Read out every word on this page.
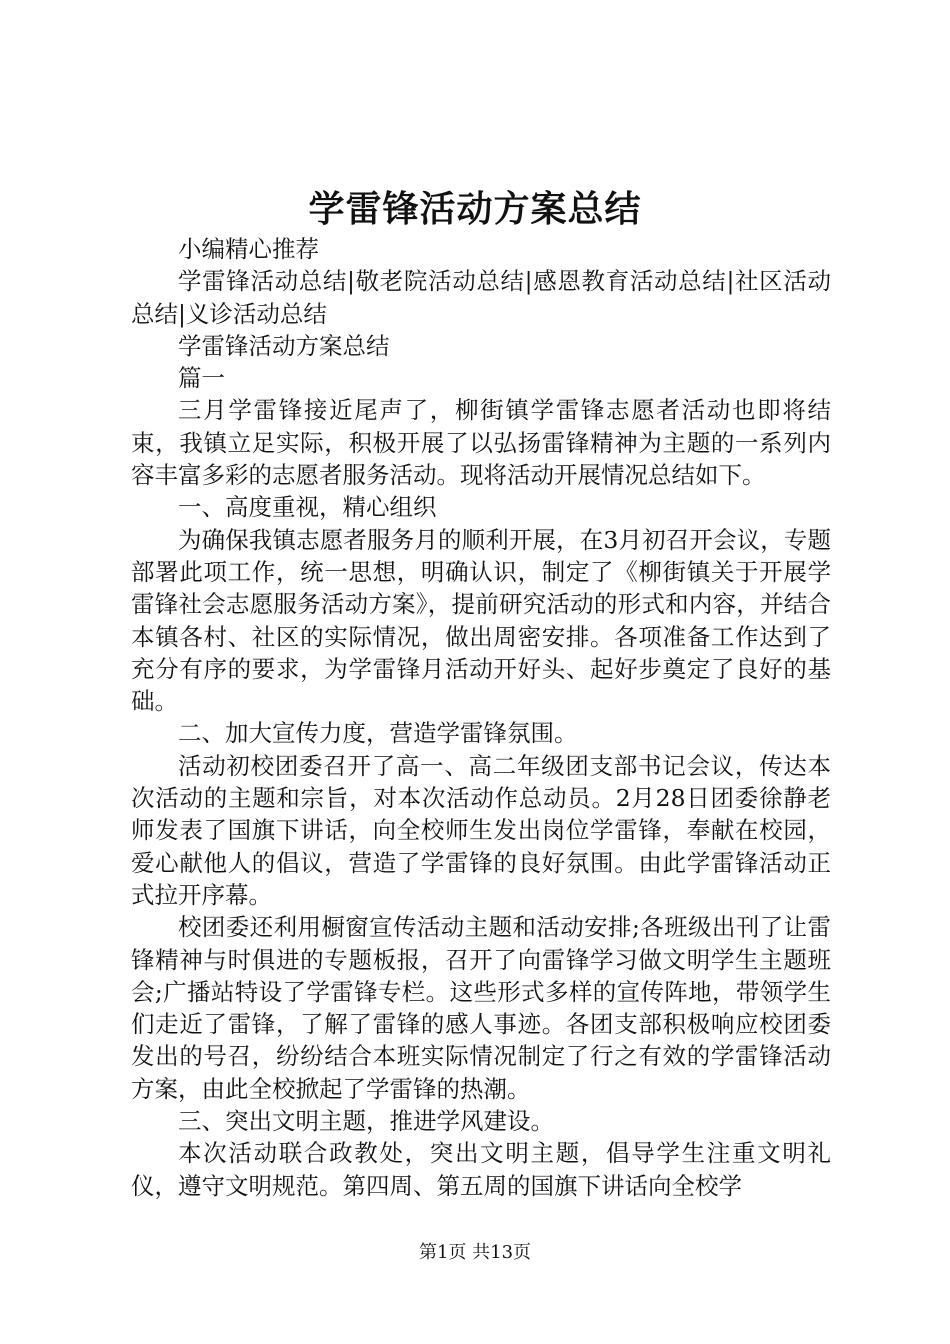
学雷锋活动方案总结

小编精心推荐

学雷锋活动总结|敬老院活动总结|感恩教育活动总结|社区活动总结|义诊活动总结

学雷锋活动方案总结

篇一

三月学雷锋接近尾声了，柳街镇学雷锋志愿者活动也即将结束，我镇立足实际，积极开展了以弘扬雷锋精神为主题的一系列内容丰富多彩的志愿者服务活动。现将活动开展情况总结如下。

一、高度重视，精心组织

为确保我镇志愿者服务月的顺利开展，在3月初召开会议，专题部署此项工作，统一思想，明确认识，制定了《柳街镇关于开展学雷锋社会志愿服务活动方案》，提前研究活动的形式和内容，并结合本镇各村、社区的实际情况，做出周密安排。各项准备工作达到了充分有序的要求，为学雷锋月活动开好头、起好步奠定了良好的基础。

二、加大宣传力度，营造学雷锋氛围。

活动初校团委召开了高一、高二年级团支部书记会议，传达本次活动的主题和宗旨，对本次活动作总动员。2月28日团委徐静老师发表了国旗下讲话，向全校师生发出岗位学雷锋，奉献在校园，爱心献他人的倡议，营造了学雷锋的良好氛围。由此学雷锋活动正式拉开序幕。

校团委还利用橱窗宣传活动主题和活动安排;各班级出刊了让雷锋精神与时俱进的专题板报，召开了向雷锋学习做文明学生主题班会;广播站特设了学雷锋专栏。这些形式多样的宣传阵地，带领学生们走近了雷锋，了解了雷锋的感人事迹。各团支部积极响应校团委发出的号召，纷纷结合本班实际情况制定了行之有效的学雷锋活动方案，由此全校掀起了学雷锋的热潮。

三、突出文明主题，推进学风建设。

本次活动联合政教处，突出文明主题，倡导学生注重文明礼仪，遵守文明规范。第四周、第五周的国旗下讲话向全校学

第1页 共13页
